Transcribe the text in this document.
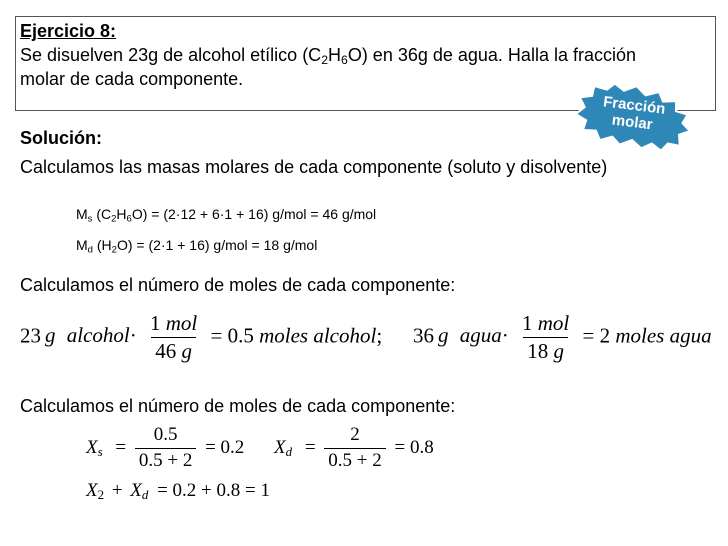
Ejercicio 8:
Se disuelven 23g de alcohol etílico $(C_2H_6O)$ en 36g de agua. Halla la fracción
molar de cada componente.
Fracción
molar
Solución:
Calculamos las masas molares de cada componente (soluto y disolvente)
$M_s$ $(C_2H_6O) = (2\cdot 12 + 6\cdot 1 + 16) g/mol = 46$ g/mol
$M_d$ $(H_2O) = (2\cdot 1 + 16) g/mol = 18$ g/mol
Calculamos el número de moles de cada componente:
23 g alcohol· $\frac{\text{1 mol}}{46 g} = 0.5$ moles alcohol; 36 g agua· $\frac{\text{1 mol}}{18 g} = 2$ moles agua
Calculamos el número de moles de cada componente:
$X_s = \frac{0.5}{0.5 + 2} = 0.2$ $X_d = \frac{2}{0.5 + 2} = 0.8$
$X_2 + X_d = 0.2 + 0.8 = 1$
